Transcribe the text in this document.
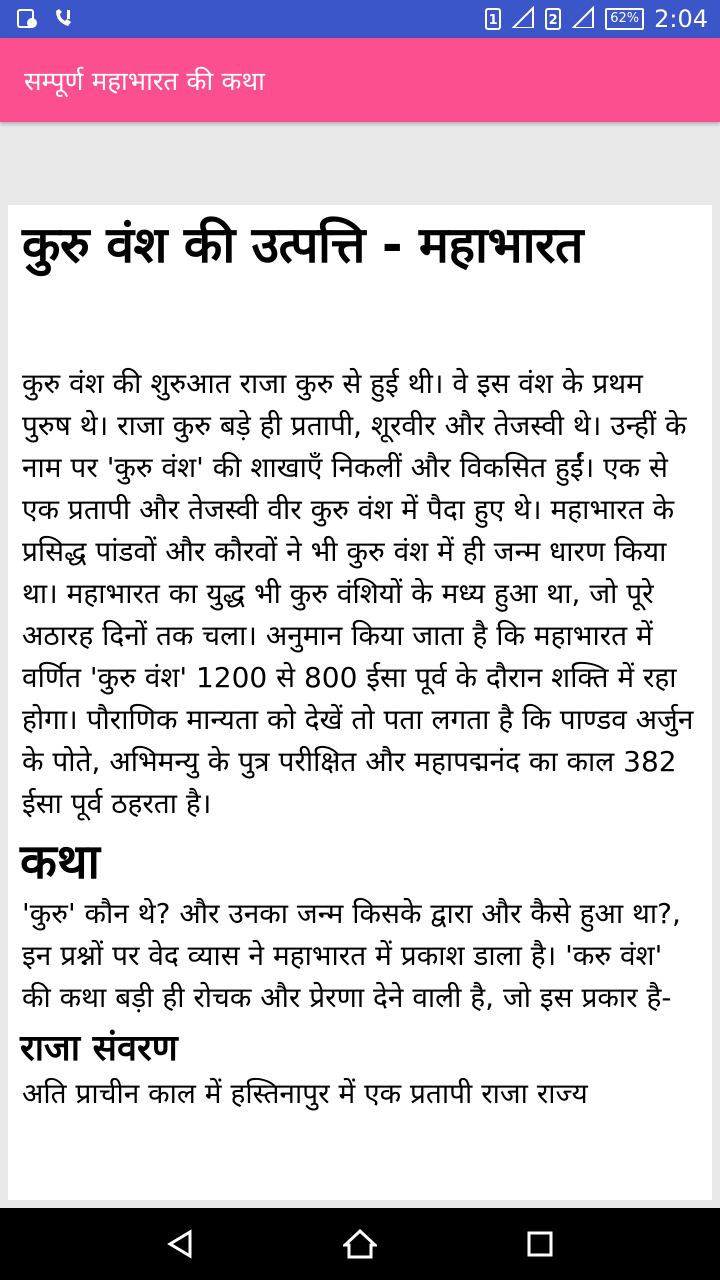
1	2	62% 2:04
सम्पूर्ण महाभारत की कथा
कुरु वंश की उत्पत्ति - महाभारत

कुरु वंश की शुरुआत राजा कुरु से हुई थी। वे इस वंश के प्रथम पुरुष थे। राजा कुरु बड़े ही प्रतापी, शूरवीर और तेजस्वी थे। उन्हीं के नाम पर 'कुरु वंश' की शाखाएँ निकलीं और विकसित हुईं। एक से एक प्रतापी और तेजस्वी वीर कुरु वंश में पैदा हुए थे। महाभारत के प्रसिद्ध पांडवों और कौरवों ने भी कुरु वंश में ही जन्म धारण किया था। महाभारत का युद्ध भी कुरु वंशियों के मध्य हुआ था, जो पूरे अठारह दिनों तक चला। अनुमान किया जाता है कि महाभारत में वर्णित 'कुरु वंश' 1200 से 800 ईसा पूर्व के दौरान शक्ति में रहा होगा। पौराणिक मान्यता को देखें तो पता लगता है कि पाण्डव अर्जुन के पोते, अभिमन्यु के पुत्र परीक्षित और महापद्मनंद का काल 382 ईसा पूर्व ठहरता है।

कथा

'कुरु' कौन थे? और उनका जन्म किसके द्वारा और कैसे हुआ था?, इन प्रश्नों पर वेद व्यास ने महाभारत में प्रकाश डाला है। 'करु वंश' की कथा बड़ी ही रोचक और प्रेरणा देने वाली है, जो इस प्रकार है-

राजा संवरण

अति प्राचीन काल में हस्तिनापुर में एक प्रतापी राजा राज्य
